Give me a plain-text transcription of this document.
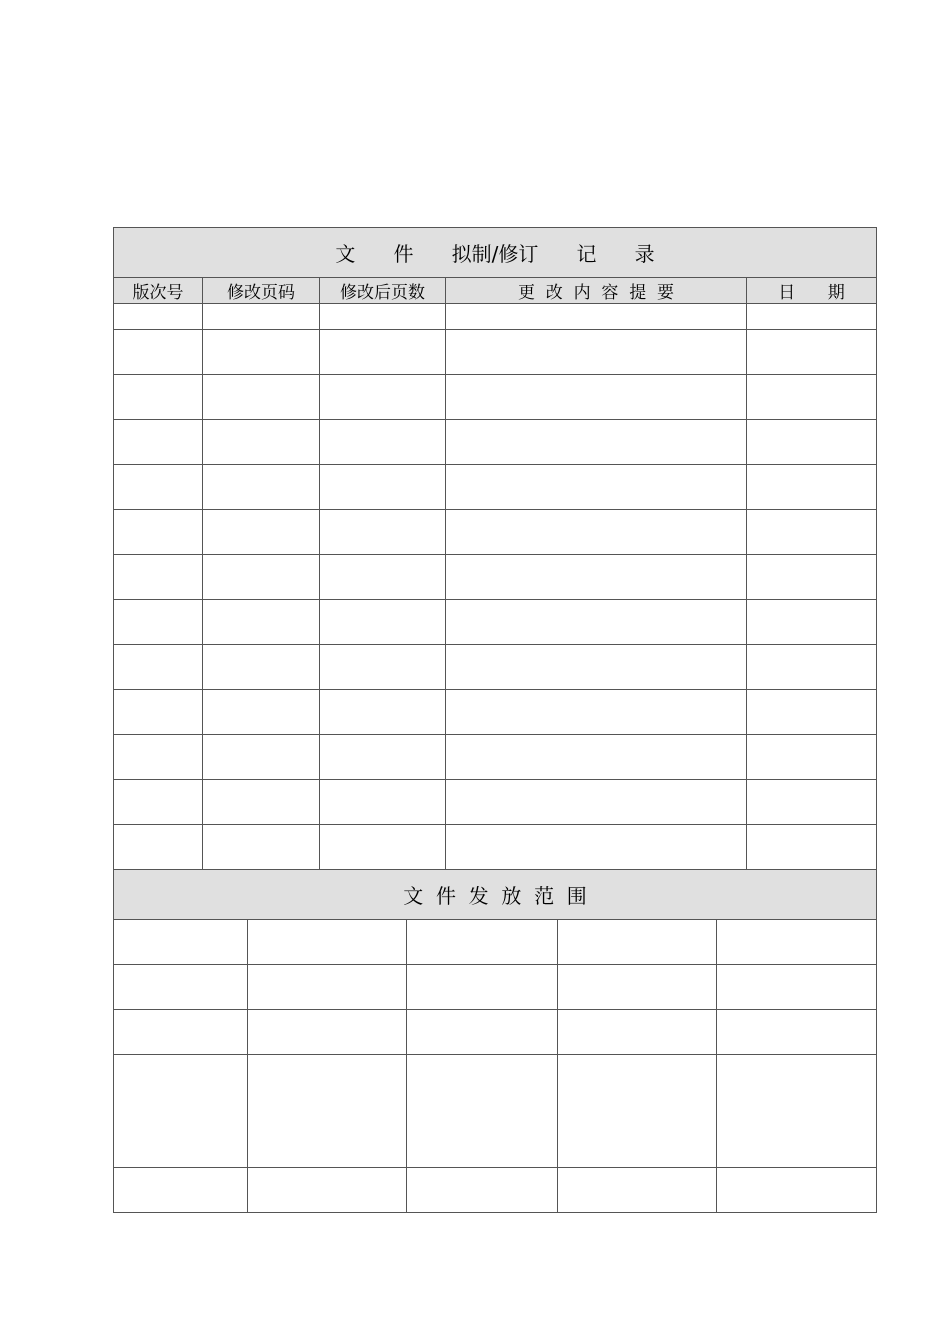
文      件      拟制/修订      记      录				
版次号	修改页码	修改后页数	更  改  内  容  提  要	日      期

文  件  发  放  范  围				
